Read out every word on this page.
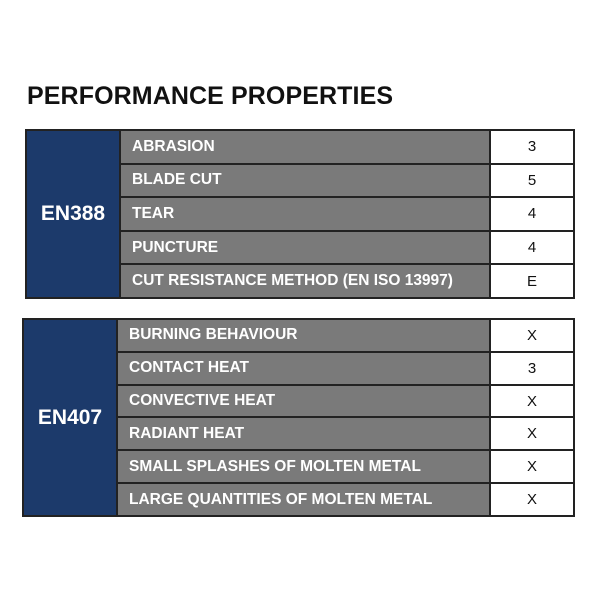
PERFORMANCE PROPERTIES
EN388
ABRASION	3
BLADE CUT	5
TEAR	4
PUNCTURE	4
CUT RESISTANCE METHOD (EN ISO 13997)	E
EN407
BURNING BEHAVIOUR	X
CONTACT HEAT	3
CONVECTIVE HEAT	X
RADIANT HEAT	X
SMALL SPLASHES OF MOLTEN METAL	X
LARGE QUANTITIES OF MOLTEN METAL	X
